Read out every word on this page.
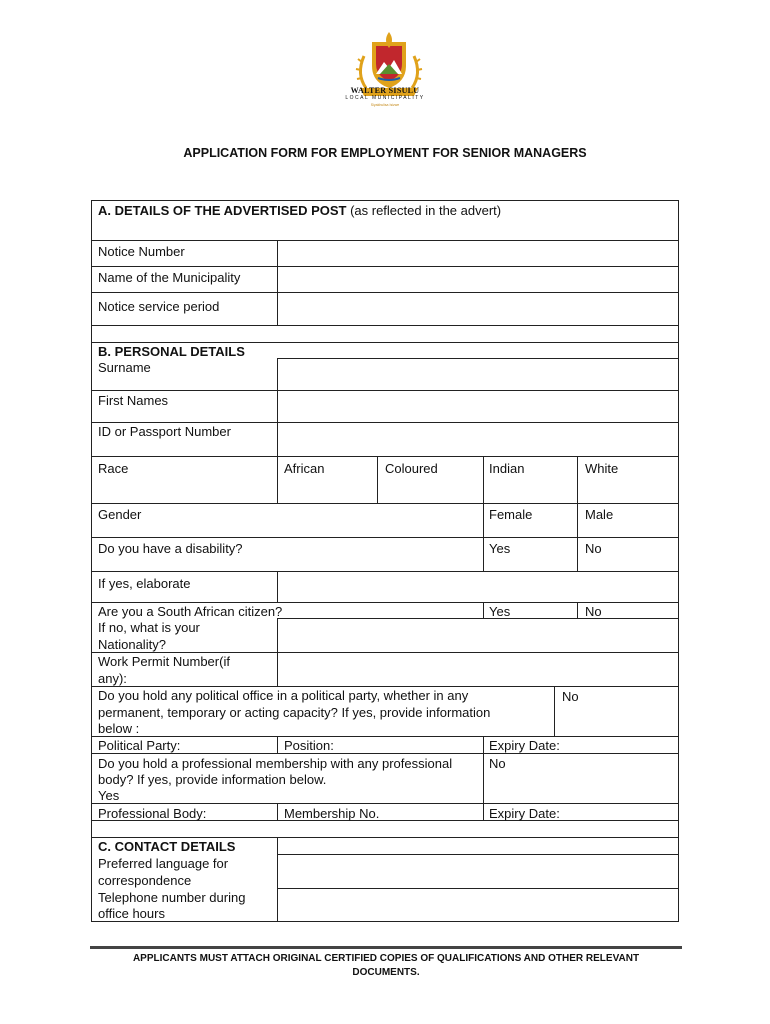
WALTER SISULU
LOCAL MUNICIPALITY
Siyakhulisa Isizwe
APPLICATION FORM FOR EMPLOYMENT FOR SENIOR MANAGERS
A. DETAILS OF THE ADVERTISED POST (as reflected in the advert)
Notice Number
Name of the Municipality
Notice service period
B. PERSONAL DETAILS
Surname
First Names
ID or Passport Number
Race	African	Coloured	Indian	White
Gender	Female	Male
Do you have a disability?	Yes	No
If yes, elaborate
Are you a South African citizen?	Yes	No
If no, what is your
Nationality?
Work Permit Number(if
any):
Do you hold any political office in a political party, whether in any
permanent, temporary or acting capacity? If yes, provide information
below :
No
Political Party:	Position:	Expiry Date:
Do you hold a professional membership with any professional
body? If yes, provide information below.
Yes
No
Professional Body:	Membership No.	Expiry Date:
C. CONTACT DETAILS
Preferred language for
correspondence
Telephone number during
office hours
APPLICANTS MUST ATTACH ORIGINAL CERTIFIED COPIES OF QUALIFICATIONS AND OTHER RELEVANT
DOCUMENTS.
